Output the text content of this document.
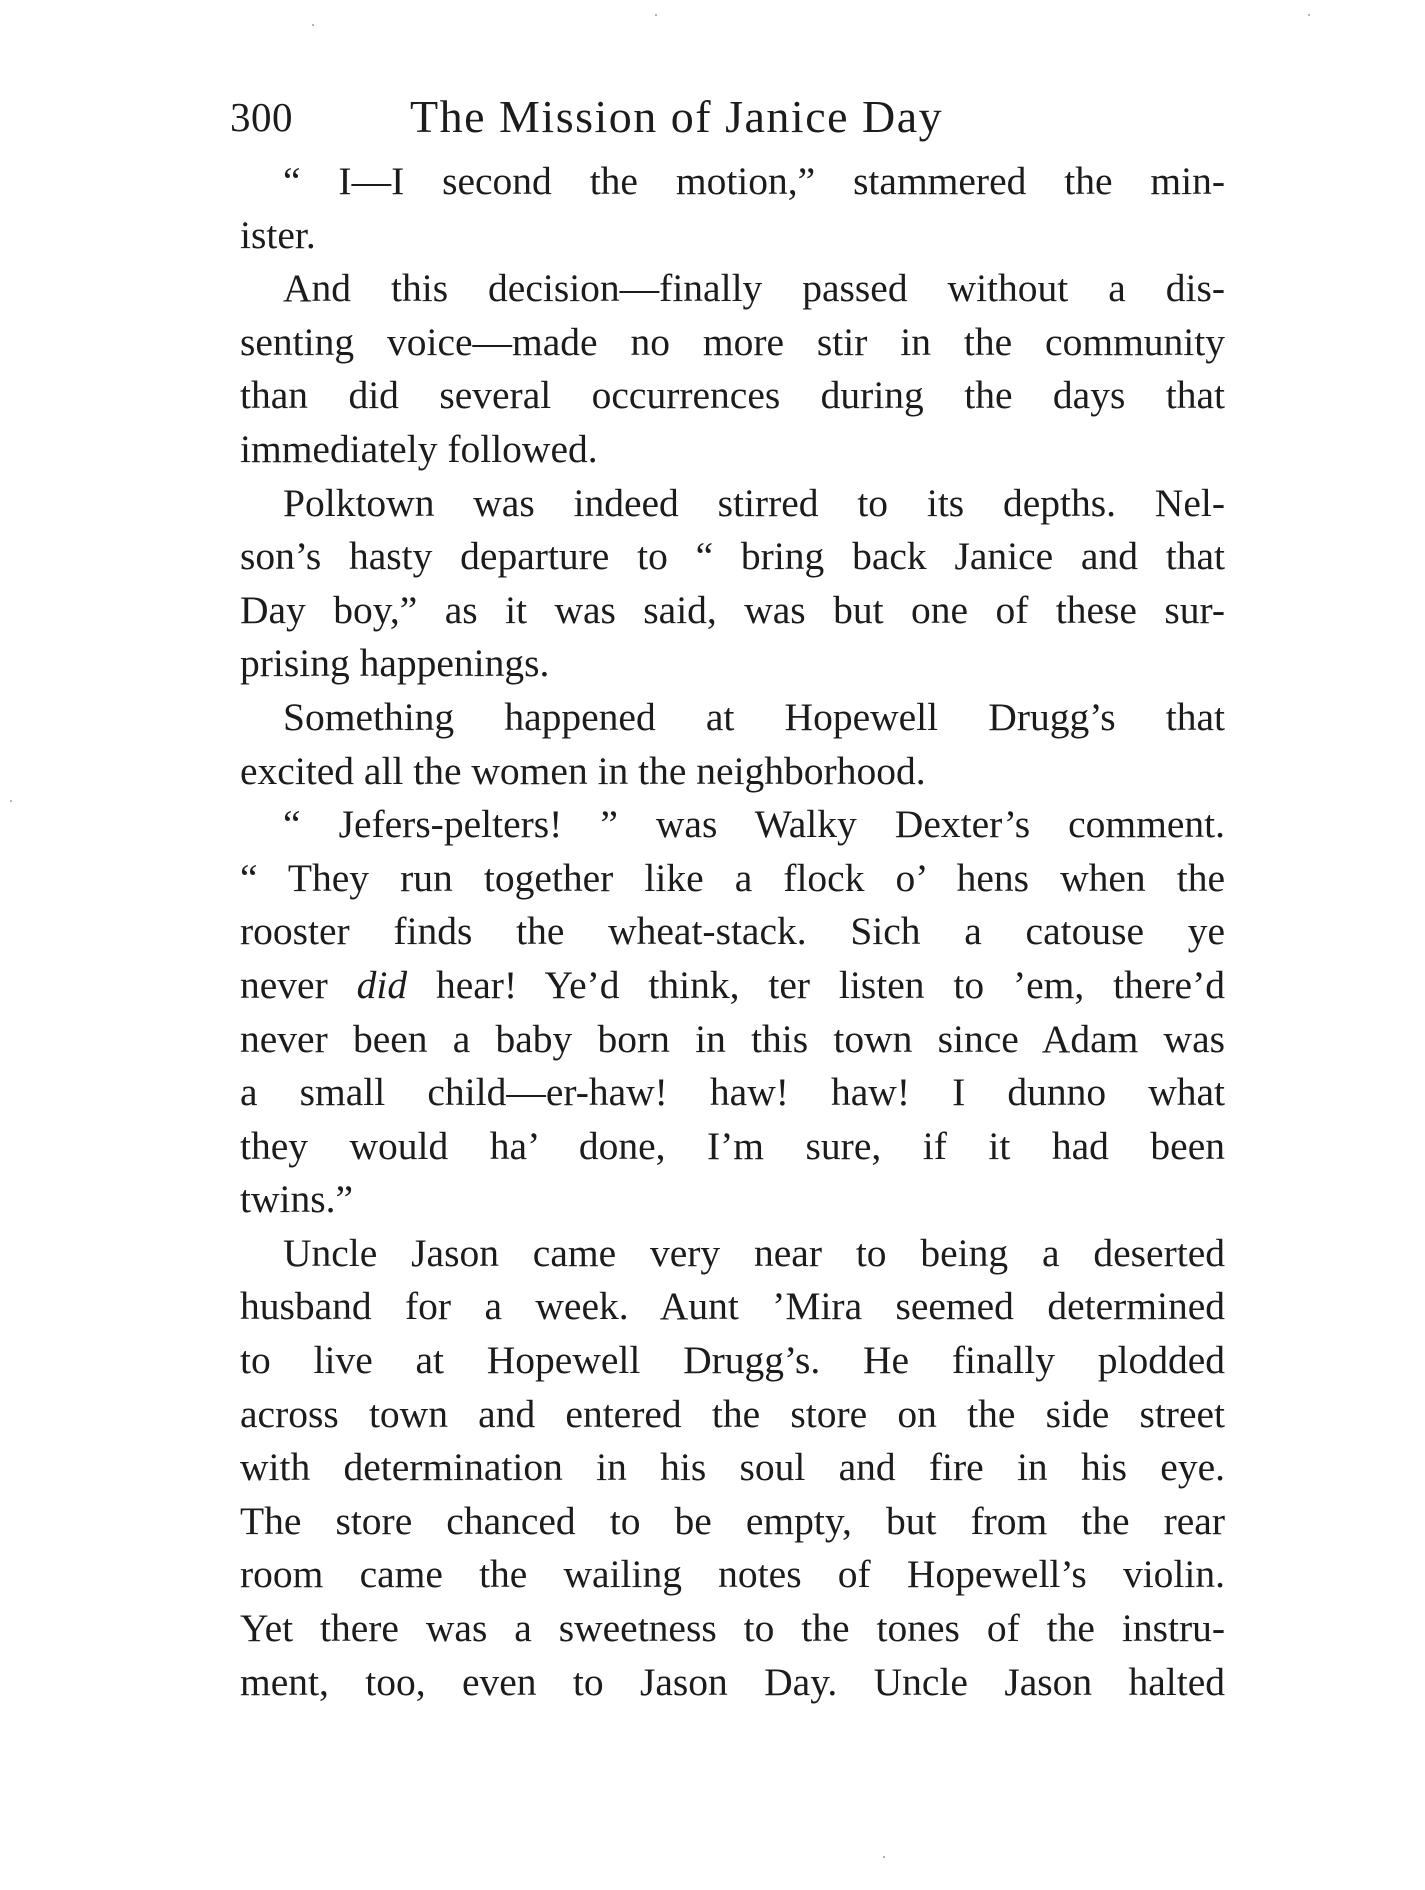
300	The Mission of Janice Day

“ I—I second the motion,” stammered the min-
ister.

And this decision—finally passed without a dis-
senting voice—made no more stir in the community
than did several occurrences during the days that
immediately followed.

Polktown was indeed stirred to its depths. Nel-
son’s hasty departure to “ bring back Janice and that
Day boy,” as it was said, was but one of these sur-
prising happenings.

Something happened at Hopewell Drugg’s that
excited all the women in the neighborhood.

“ Jefers-pelters! ” was Walky Dexter’s comment.
“ They run together like a flock o’ hens when the
rooster finds the wheat-stack. Sich a catouse ye
never did hear! Ye’d think, ter listen to ’em, there’d
never been a baby born in this town since Adam was
a small child—er-haw! haw! haw! I dunno what
they would ha’ done, I’m sure, if it had been
twins.”

Uncle Jason came very near to being a deserted
husband for a week. Aunt ’Mira seemed determined
to live at Hopewell Drugg’s. He finally plodded
across town and entered the store on the side street
with determination in his soul and fire in his eye.
The store chanced to be empty, but from the rear
room came the wailing notes of Hopewell’s violin.
Yet there was a sweetness to the tones of the instru-
ment, too, even to Jason Day. Uncle Jason halted
